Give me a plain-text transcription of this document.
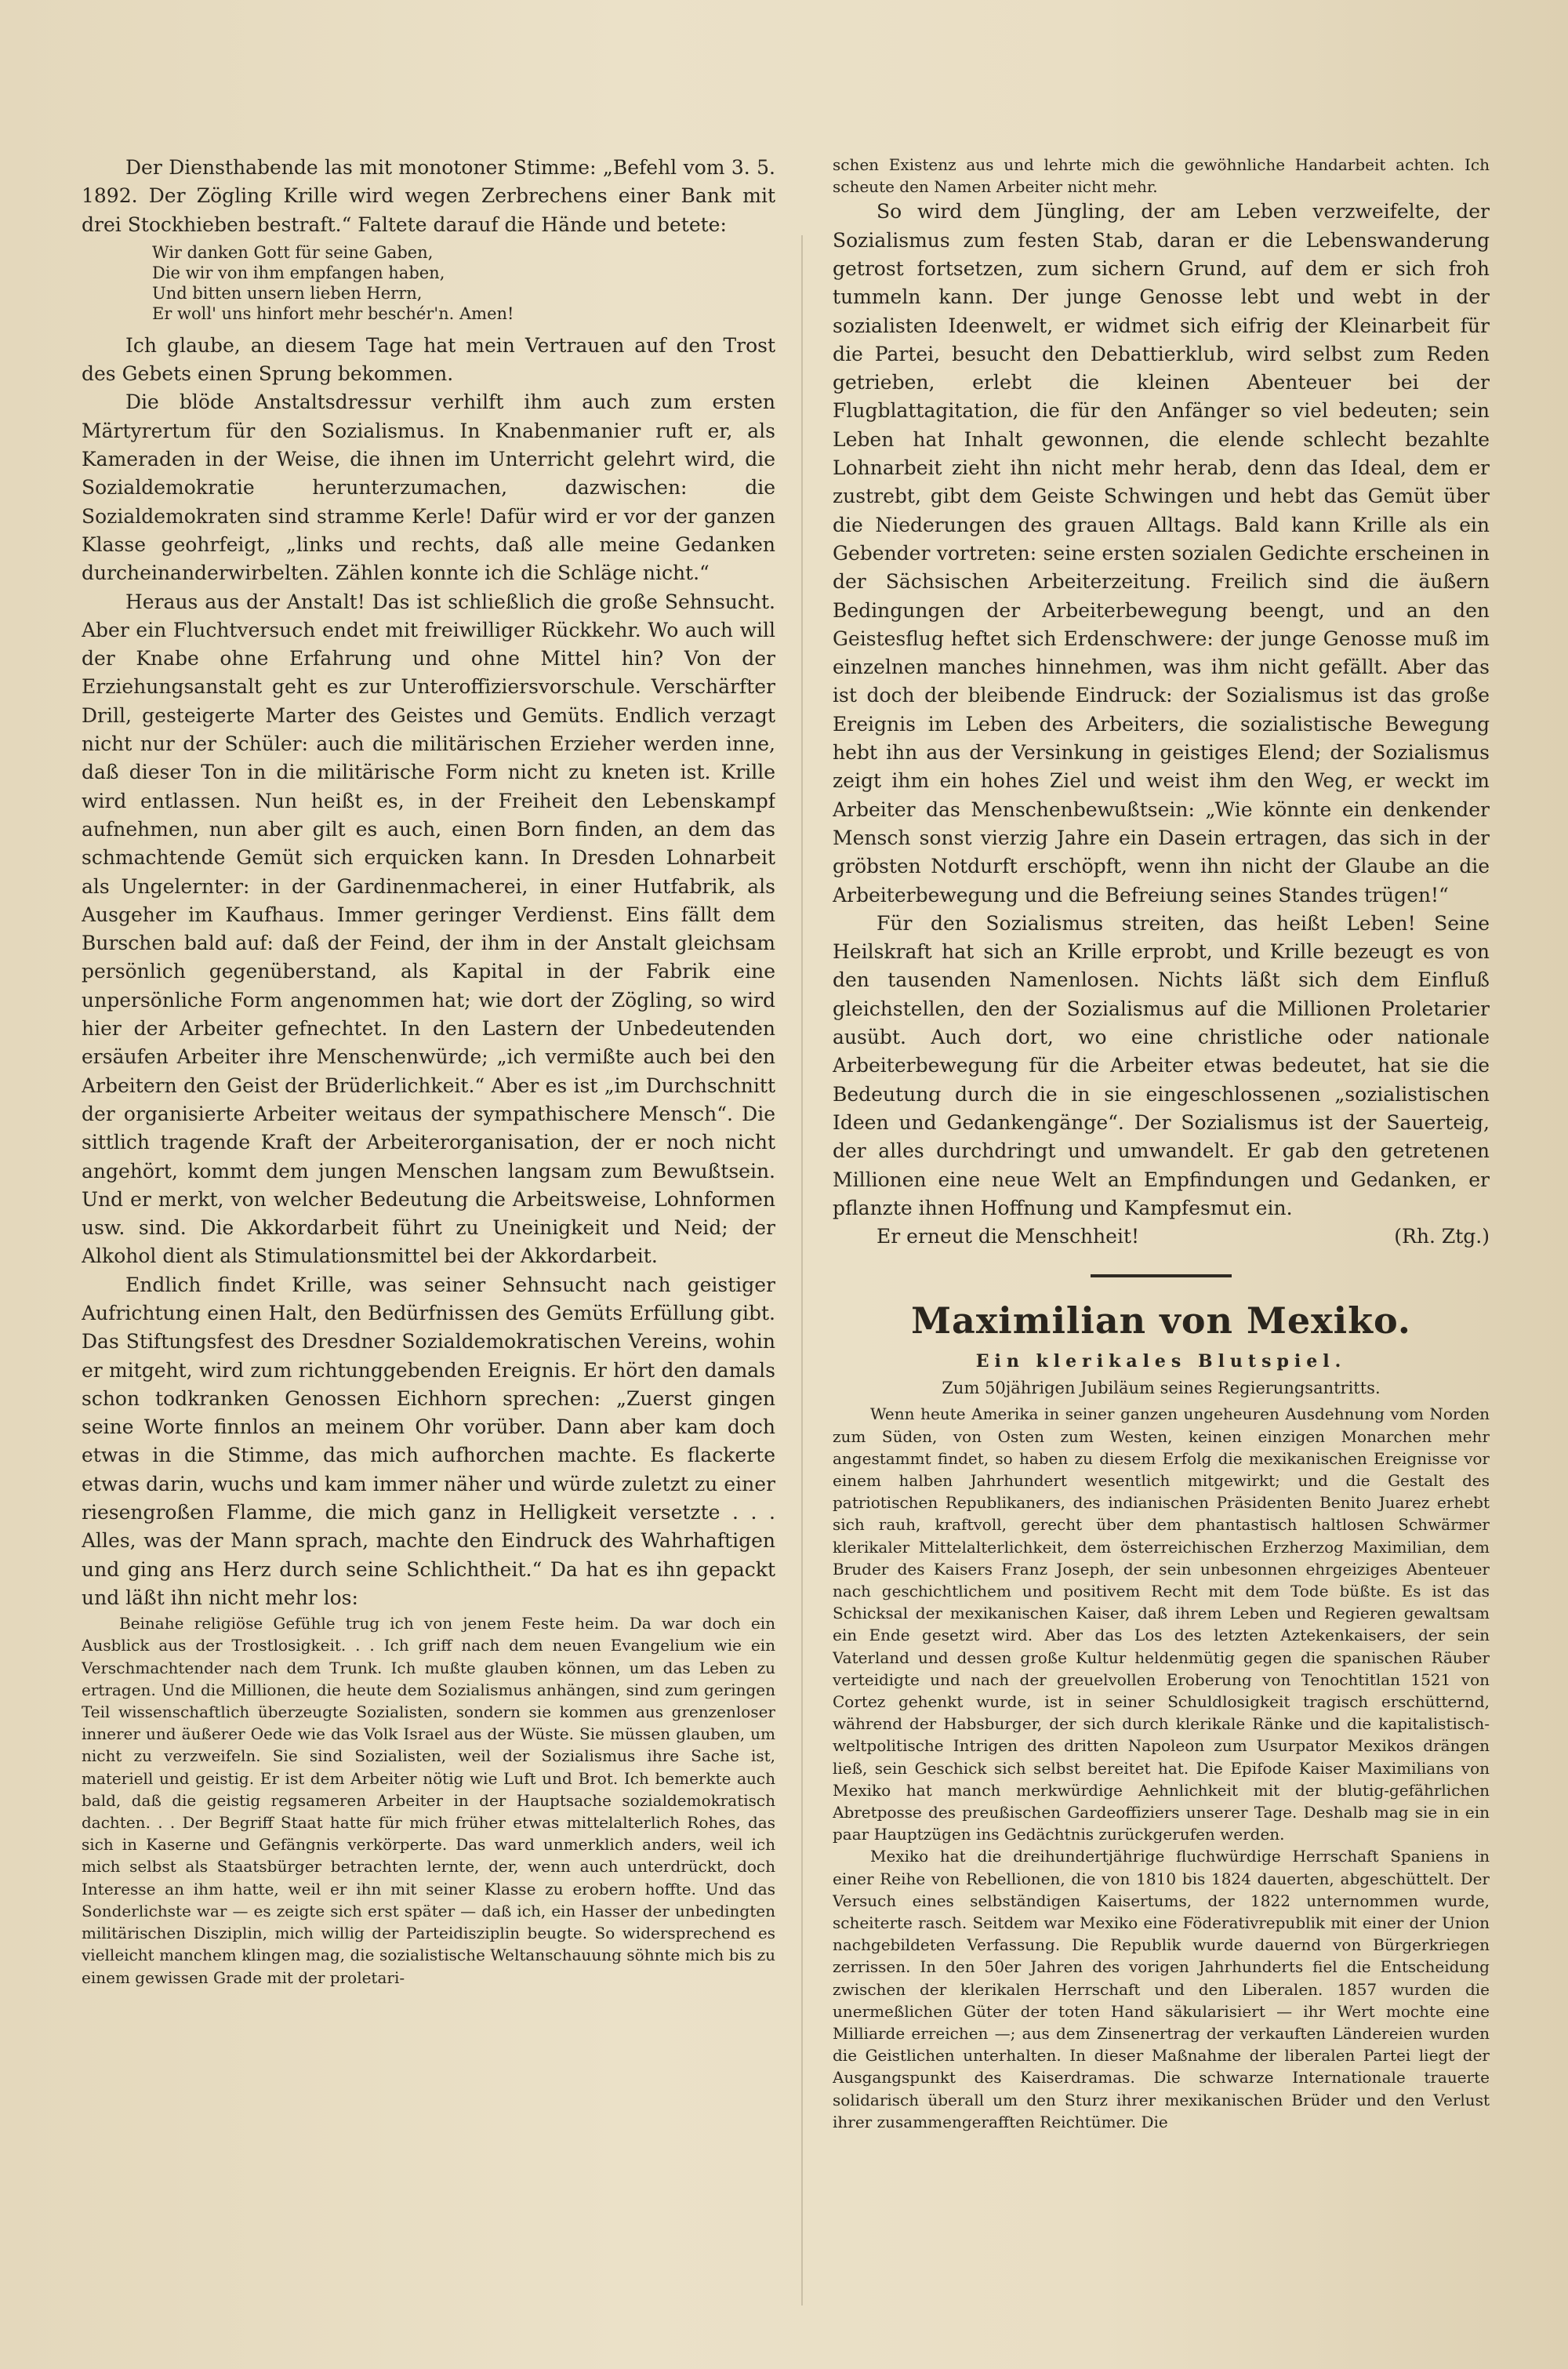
Der Diensthabende las mit monotoner Stimme: „Befehl vom 3. 5. 1892. Der Zögling Krille wird wegen Zerbrechens einer Bank mit drei Stockhieben bestraft.“ Faltete darauf die Hände und betete:

Wir danken Gott für seine Gaben,
Die wir von ihm empfangen haben,
Und bitten unsern lieben Herrn,
Er woll' uns hinfort mehr beschér'n. Amen!

Ich glaube, an diesem Tage hat mein Vertrauen auf den Trost des Gebets einen Sprung bekommen.

Die blöde Anstaltsdressur verhilft ihm auch zum ersten Märtyrertum für den Sozialismus. In Knabenmanier ruft er, als Kameraden in der Weise, die ihnen im Unterricht gelehrt wird, die Sozialdemokratie herunterzumachen, dazwischen: die Sozialdemokraten sind stramme Kerle! Dafür wird er vor der ganzen Klasse geohrfeigt, „links und rechts, daß alle meine Gedanken durcheinanderwirbelten. Zählen konnte ich die Schläge nicht.“

Heraus aus der Anstalt! Das ist schließlich die große Sehnsucht. Aber ein Fluchtversuch endet mit freiwilliger Rückkehr. Wo auch will der Knabe ohne Erfahrung und ohne Mittel hin? Von der Erziehungsanstalt geht es zur Unteroffiziersvorschule. Verschärfter Drill, gesteigerte Marter des Geistes und Gemüts. Endlich verzagt nicht nur der Schüler: auch die militärischen Erzieher werden inne, daß dieser Ton in die militärische Form nicht zu kneten ist. Krille wird entlassen. Nun heißt es, in der Freiheit den Lebenskampf aufnehmen, nun aber gilt es auch, einen Born finden, an dem das schmachtende Gemüt sich erquicken kann. In Dresden Lohnarbeit als Ungelernter: in der Gardinenmacherei, in einer Hutfabrik, als Ausgeher im Kaufhaus. Immer geringer Verdienst. Eins fällt dem Burschen bald auf: daß der Feind, der ihm in der Anstalt gleichsam persönlich gegenüberstand, als Kapital in der Fabrik eine unpersönliche Form angenommen hat; wie dort der Zögling, so wird hier der Arbeiter gefnechtet. In den Lastern der Unbedeutenden ersäufen Arbeiter ihre Menschenwürde; „ich vermißte auch bei den Arbeitern den Geist der Brüderlichkeit.“ Aber es ist „im Durchschnitt der organisierte Arbeiter weitaus der sympathischere Mensch“. Die sittlich tragende Kraft der Arbeiterorganisation, der er noch nicht angehört, kommt dem jungen Menschen langsam zum Bewußtsein. Und er merkt, von welcher Bedeutung die Arbeitsweise, Lohnformen usw. sind. Die Akkordarbeit führt zu Uneinigkeit und Neid; der Alkohol dient als Stimulationsmittel bei der Akkordarbeit.

Endlich findet Krille, was seiner Sehnsucht nach geistiger Aufrichtung einen Halt, den Bedürfnissen des Gemüts Erfüllung gibt. Das Stiftungsfest des Dresdner Sozialdemokratischen Vereins, wohin er mitgeht, wird zum richtunggebenden Ereignis. Er hört den damals schon todkranken Genossen Eichhorn sprechen: „Zuerst gingen seine Worte finnlos an meinem Ohr vorüber. Dann aber kam doch etwas in die Stimme, das mich aufhorchen machte. Es flackerte etwas darin, wuchs und kam immer näher und würde zuletzt zu einer riesengroßen Flamme, die mich ganz in Helligkeit versetzte . . . Alles, was der Mann sprach, machte den Eindruck des Wahrhaftigen und ging ans Herz durch seine Schlichtheit.“ Da hat es ihn gepackt und läßt ihn nicht mehr los:

Beinahe religiöse Gefühle trug ich von jenem Feste heim. Da war doch ein Ausblick aus der Trostlosigkeit. . . Ich griff nach dem neuen Evangelium wie ein Verschmachtender nach dem Trunk. Ich mußte glauben können, um das Leben zu ertragen. Und die Millionen, die heute dem Sozialismus anhängen, sind zum geringen Teil wissenschaftlich überzeugte Sozialisten, sondern sie kommen aus grenzenloser innerer und äußerer Oede wie das Volk Israel aus der Wüste. Sie müssen glauben, um nicht zu verzweifeln. Sie sind Sozialisten, weil der Sozialismus ihre Sache ist, materiell und geistig. Er ist dem Arbeiter nötig wie Luft und Brot. Ich bemerkte auch bald, daß die geistig regsameren Arbeiter in der Hauptsache sozialdemokratisch dachten. . . Der Begriff Staat hatte für mich früher etwas mittelalterlich Rohes, das sich in Kaserne und Gefängnis verkörperte. Das ward unmerklich anders, weil ich mich selbst als Staatsbürger betrachten lernte, der, wenn auch unterdrückt, doch Interesse an ihm hatte, weil er ihn mit seiner Klasse zu erobern hoffte. Und das Sonderlichste war — es zeigte sich erst später — daß ich, ein Hasser der unbedingten militärischen Disziplin, mich willig der Parteidisziplin beugte. So widersprechend es vielleicht manchem klingen mag, die sozialistische Weltanschauung söhnte mich bis zu einem gewissen Grade mit der proletari-

schen Existenz aus und lehrte mich die gewöhnliche Handarbeit achten. Ich scheute den Namen Arbeiter nicht mehr.

So wird dem Jüngling, der am Leben verzweifelte, der Sozialismus zum festen Stab, daran er die Lebenswanderung getrost fortsetzen, zum sichern Grund, auf dem er sich froh tummeln kann. Der junge Genosse lebt und webt in der sozialisten Ideenwelt, er widmet sich eifrig der Kleinarbeit für die Partei, besucht den Debattierklub, wird selbst zum Reden getrieben, erlebt die kleinen Abenteuer bei der Flugblattagitation, die für den Anfänger so viel bedeuten; sein Leben hat Inhalt gewonnen, die elende schlecht bezahlte Lohnarbeit zieht ihn nicht mehr herab, denn das Ideal, dem er zustrebt, gibt dem Geiste Schwingen und hebt das Gemüt über die Niederungen des grauen Alltags. Bald kann Krille als ein Gebender vortreten: seine ersten sozialen Gedichte erscheinen in der Sächsischen Arbeiterzeitung. Freilich sind die äußern Bedingungen der Arbeiterbewegung beengt, und an den Geistesflug heftet sich Erdenschwere: der junge Genosse muß im einzelnen manches hinnehmen, was ihm nicht gefällt. Aber das ist doch der bleibende Eindruck: der Sozialismus ist das große Ereignis im Leben des Arbeiters, die sozialistische Bewegung hebt ihn aus der Versinkung in geistiges Elend; der Sozialismus zeigt ihm ein hohes Ziel und weist ihm den Weg, er weckt im Arbeiter das Menschenbewußtsein: „Wie könnte ein denkender Mensch sonst vierzig Jahre ein Dasein ertragen, das sich in der gröbsten Notdurft erschöpft, wenn ihn nicht der Glaube an die Arbeiterbewegung und die Befreiung seines Standes trügen!“

Für den Sozialismus streiten, das heißt Leben! Seine Heilskraft hat sich an Krille erprobt, und Krille bezeugt es von den tausenden Namenlosen. Nichts läßt sich dem Einfluß gleichstellen, den der Sozialismus auf die Millionen Proletarier ausübt. Auch dort, wo eine christliche oder nationale Arbeiterbewegung für die Arbeiter etwas bedeutet, hat sie die Bedeutung durch die in sie eingeschlossenen „sozialistischen Ideen und Gedankengänge“. Der Sozialismus ist der Sauerteig, der alles durchdringt und umwandelt. Er gab den getretenen Millionen eine neue Welt an Empfindungen und Gedanken, er pflanzte ihnen Hoffnung und Kampfesmut ein.

Er erneut die Menschheit!	(Rh. Ztg.)

Maximilian von Mexiko.
Ein klerikales Blutspiel.
Zum 50jährigen Jubiläum seines Regierungsantritts.

Wenn heute Amerika in seiner ganzen ungeheuren Ausdehnung vom Norden zum Süden, von Osten zum Westen, keinen einzigen Monarchen mehr angestammt findet, so haben zu diesem Erfolg die mexikanischen Ereignisse vor einem halben Jahrhundert wesentlich mitgewirkt; und die Gestalt des patriotischen Republikaners, des indianischen Präsidenten Benito Juarez erhebt sich rauh, kraftvoll, gerecht über dem phantastisch haltlosen Schwärmer klerikaler Mittelalterlichkeit, dem österreichischen Erzherzog Maximilian, dem Bruder des Kaisers Franz Joseph, der sein unbesonnen ehrgeiziges Abenteuer nach geschichtlichem und positivem Recht mit dem Tode büßte. Es ist das Schicksal der mexikanischen Kaiser, daß ihrem Leben und Regieren gewaltsam ein Ende gesetzt wird. Aber das Los des letzten Aztekenkaisers, der sein Vaterland und dessen große Kultur heldenmütig gegen die spanischen Räuber verteidigte und nach der greuelvollen Eroberung von Tenochtitlan 1521 von Cortez gehenkt wurde, ist in seiner Schuldlosigkeit tragisch erschütternd, während der Habsburger, der sich durch klerikale Ränke und die kapitalistisch-weltpolitische Intrigen des dritten Napoleon zum Usurpator Mexikos drängen ließ, sein Geschick sich selbst bereitet hat. Die Epifode Kaiser Maximilians von Mexiko hat manch merkwürdige Aehnlichkeit mit der blutig-gefährlichen Abretposse des preußischen Gardeoffiziers unserer Tage. Deshalb mag sie in ein paar Hauptzügen ins Gedächtnis zurückgerufen werden.

Mexiko hat die dreihundertjährige fluchwürdige Herrschaft Spaniens in einer Reihe von Rebellionen, die von 1810 bis 1824 dauerten, abgeschüttelt. Der Versuch eines selbständigen Kaisertums, der 1822 unternommen wurde, scheiterte rasch. Seitdem war Mexiko eine Föderativrepublik mit einer der Union nachgebildeten Verfassung. Die Republik wurde dauernd von Bürgerkriegen zerrissen. In den 50er Jahren des vorigen Jahrhunderts fiel die Entscheidung zwischen der klerikalen Herrschaft und den Liberalen. 1857 wurden die unermeßlichen Güter der toten Hand säkularisiert — ihr Wert mochte eine Milliarde erreichen —; aus dem Zinsenertrag der verkauften Ländereien wurden die Geistlichen unterhalten. In dieser Maßnahme der liberalen Partei liegt der Ausgangspunkt des Kaiserdramas. Die schwarze Internationale trauerte solidarisch überall um den Sturz ihrer mexikanischen Brüder und den Verlust ihrer zusammengerafften Reichtümer. Die
